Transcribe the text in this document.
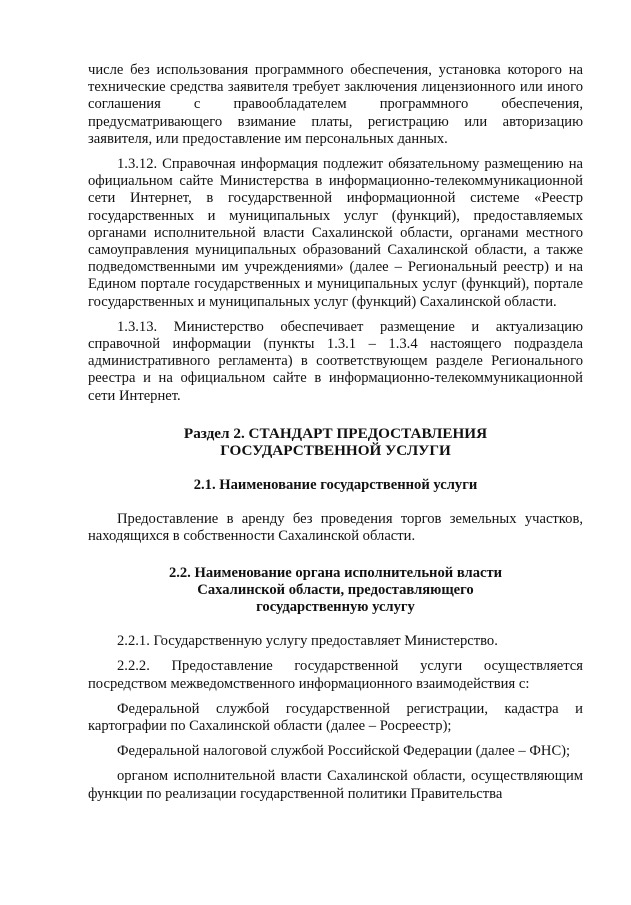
числе без использования программного обеспечения, установка которого на технические средства заявителя требует заключения лицензионного или иного соглашения с правообладателем программного обеспечения, предусматривающего взимание платы, регистрацию или авторизацию заявителя, или предоставление им персональных данных.

1.3.12. Справочная информация подлежит обязательному размещению на официальном сайте Министерства в информационно-телекоммуникационной сети Интернет, в государственной информационной системе «Реестр государственных и муниципальных услуг (функций), предоставляемых органами исполнительной власти Сахалинской области, органами местного самоуправления муниципальных образований Сахалинской области, а также подведомственными им учреждениями» (далее – Региональный реестр) и на Едином портале государственных и муниципальных услуг (функций), портале государственных и муниципальных услуг (функций) Сахалинской области.

1.3.13. Министерство обеспечивает размещение и актуализацию справочной информации (пункты 1.3.1 – 1.3.4 настоящего подраздела административного регламента) в соответствующем разделе Регионального реестра и на официальном сайте в информационно-телекоммуникационной сети Интернет.

Раздел 2. СТАНДАРТ ПРЕДОСТАВЛЕНИЯ
ГОСУДАРСТВЕННОЙ УСЛУГИ
2.1. Наименование государственной услуги

Предоставление в аренду без проведения торгов земельных участков, находящихся в собственности Сахалинской области.

2.2. Наименование органа исполнительной власти
Сахалинской области, предоставляющего
государственную услугу

2.2.1. Государственную услугу предоставляет Министерство.

2.2.2. Предоставление государственной услуги осуществляется посредством межведомственного информационного взаимодействия с:

Федеральной службой государственной регистрации, кадастра и картографии по Сахалинской области (далее – Росреестр);

Федеральной налоговой службой Российской Федерации (далее – ФНС);

органом исполнительной власти Сахалинской области, осуществляющим функции по реализации государственной политики Правительства
